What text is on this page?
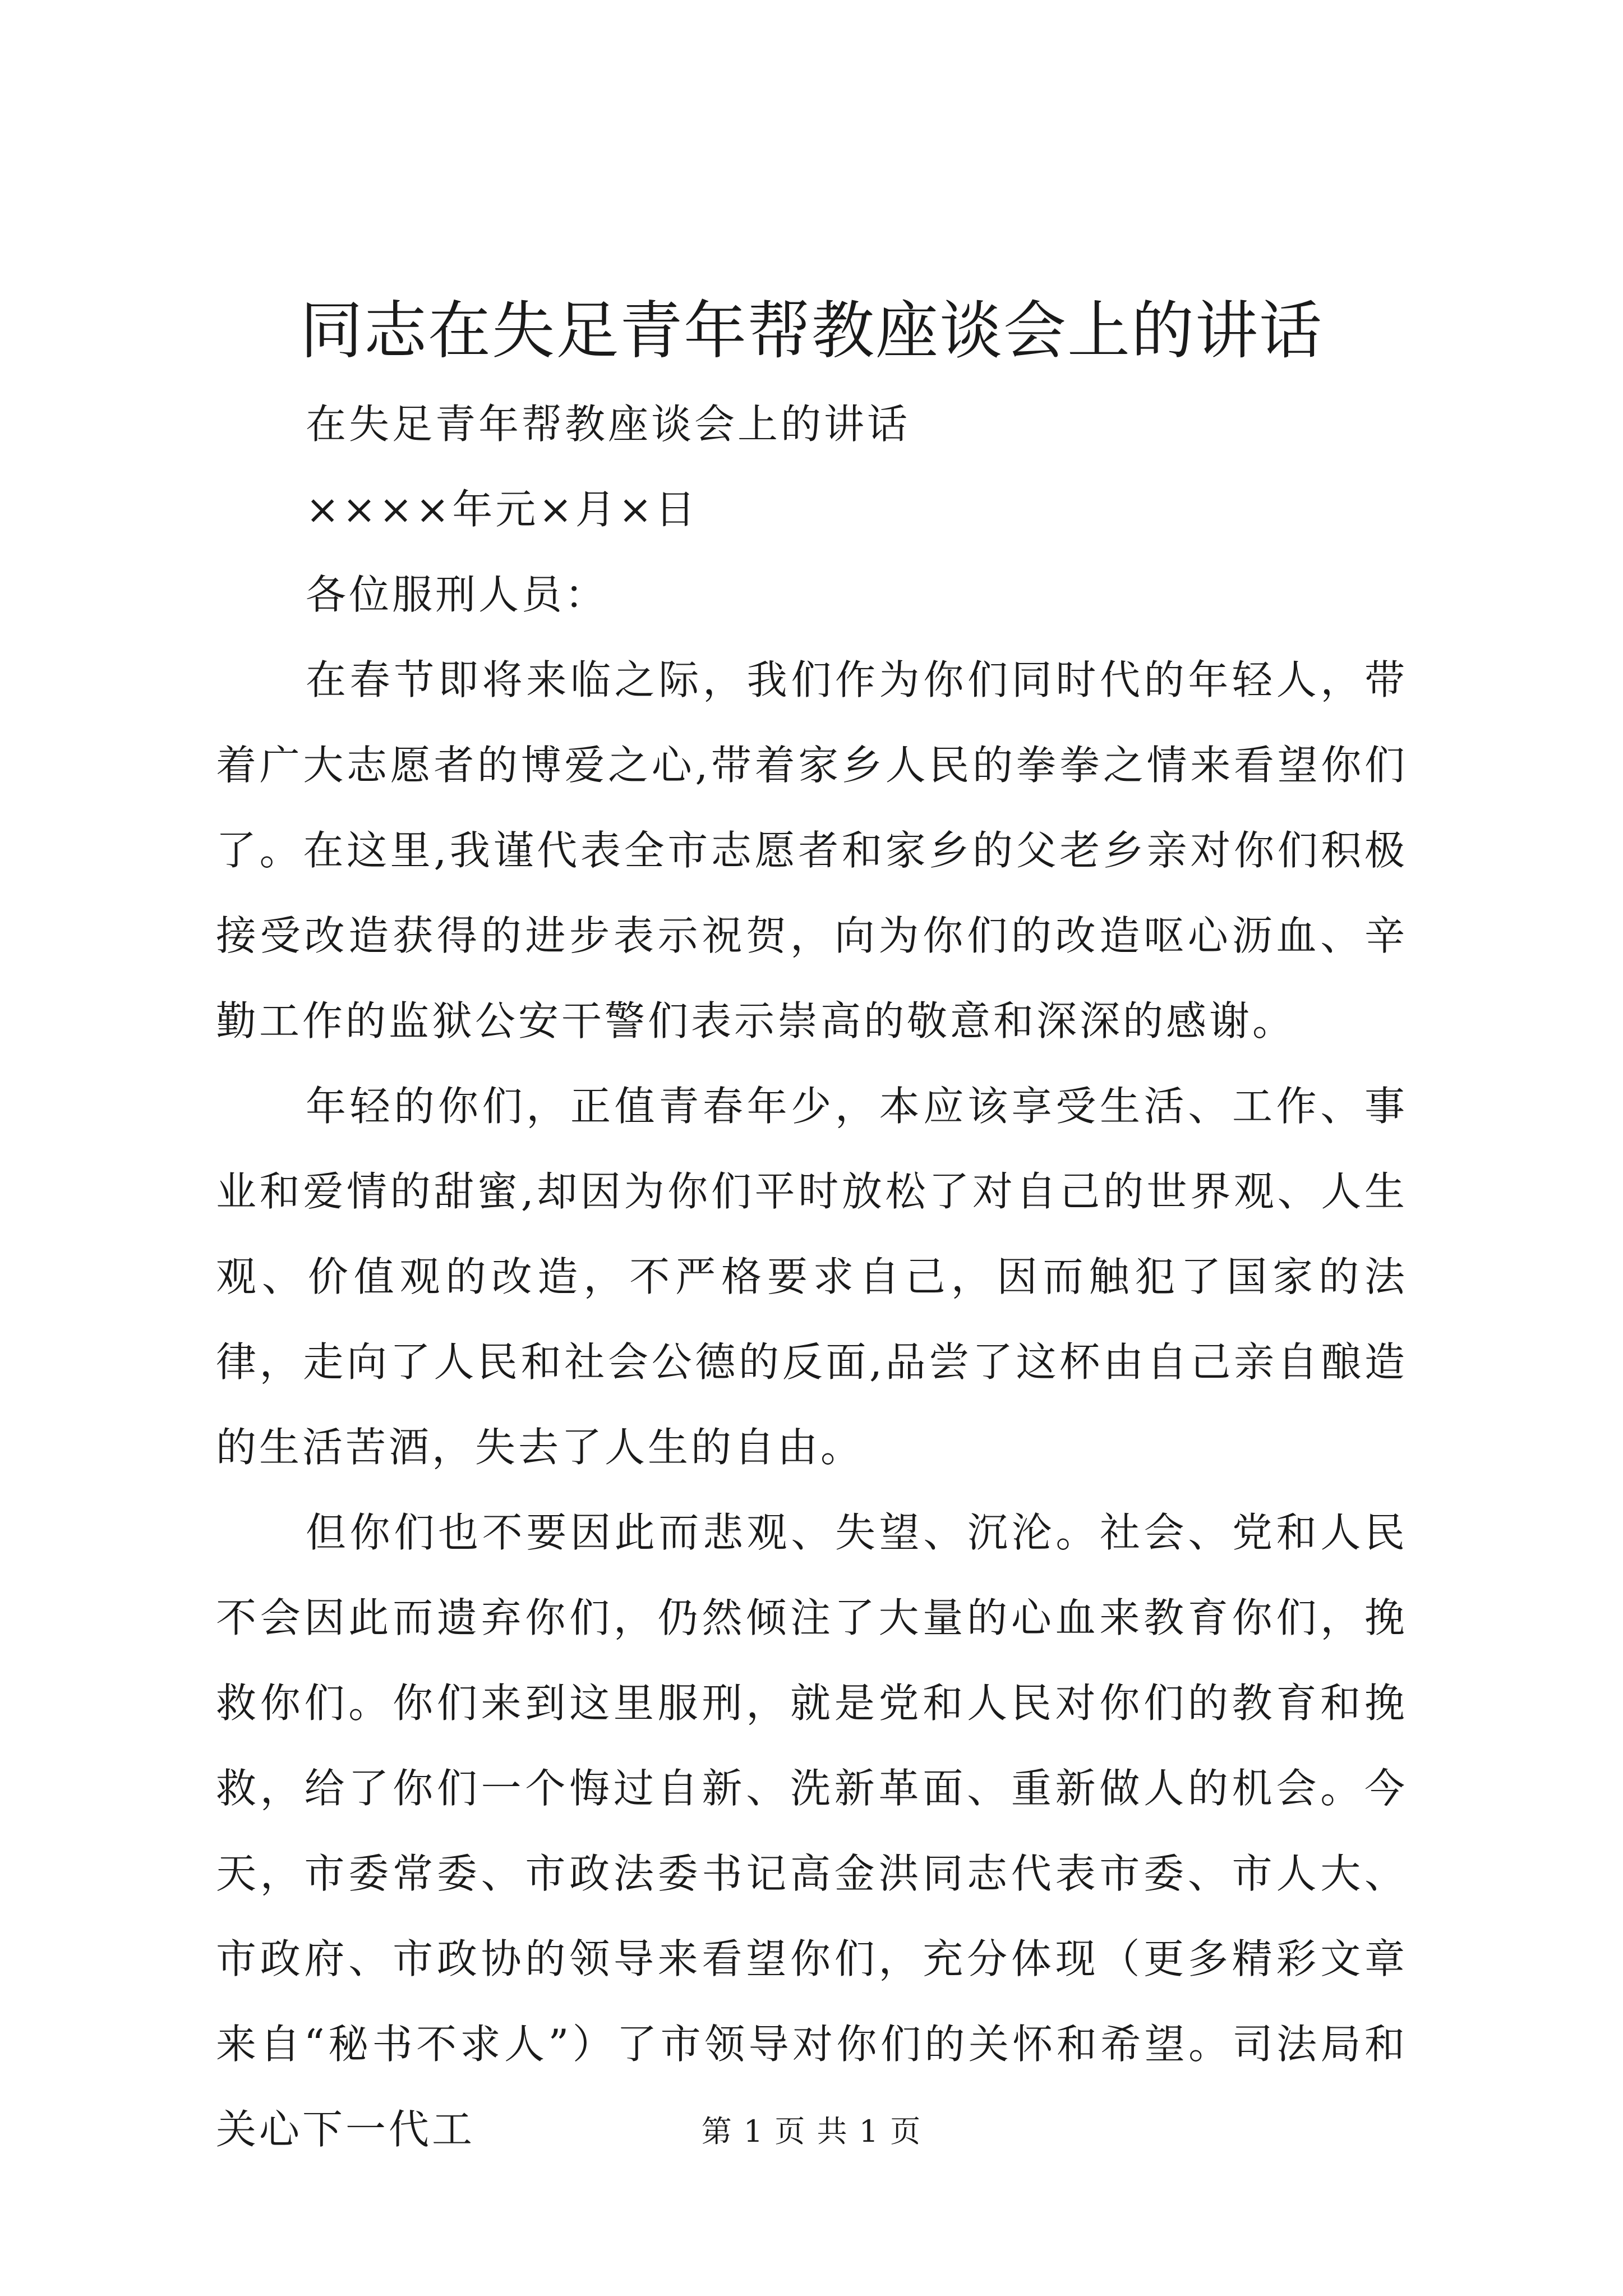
同志在失足青年帮教座谈会上的讲话

在失足青年帮教座谈会上的讲话

××××年元×月×日

各位服刑人员：

在春节即将来临之际，我们作为你们同时代的年轻人，带着广大志愿者的博爱之心,带着家乡人民的拳拳之情来看望你们了。在这里,我谨代表全市志愿者和家乡的父老乡亲对你们积极接受改造获得的进步表示祝贺，向为你们的改造呕心沥血、辛勤工作的监狱公安干警们表示崇高的敬意和深深的感谢。

年轻的你们，正值青春年少，本应该享受生活、工作、事业和爱情的甜蜜,却因为你们平时放松了对自己的世界观、人生观、价值观的改造，不严格要求自己，因而触犯了国家的法律，走向了人民和社会公德的反面,品尝了这杯由自己亲自酿造的生活苦酒，失去了人生的自由。

但你们也不要因此而悲观、失望、沉沦。社会、党和人民不会因此而遗弃你们，仍然倾注了大量的心血来教育你们，挽救你们。你们来到这里服刑，就是党和人民对你们的教育和挽救，给了你们一个悔过自新、洗新革面、重新做人的机会。今天，市委常委、市政法委书记高金洪同志代表市委、市人大、市政府、市政协的领导来看望你们，充分体现（更多精彩文章来自“秘书不求人”）了市领导对你们的关怀和希望。司法局和关心下一代工	第 1 页 共 1 页
